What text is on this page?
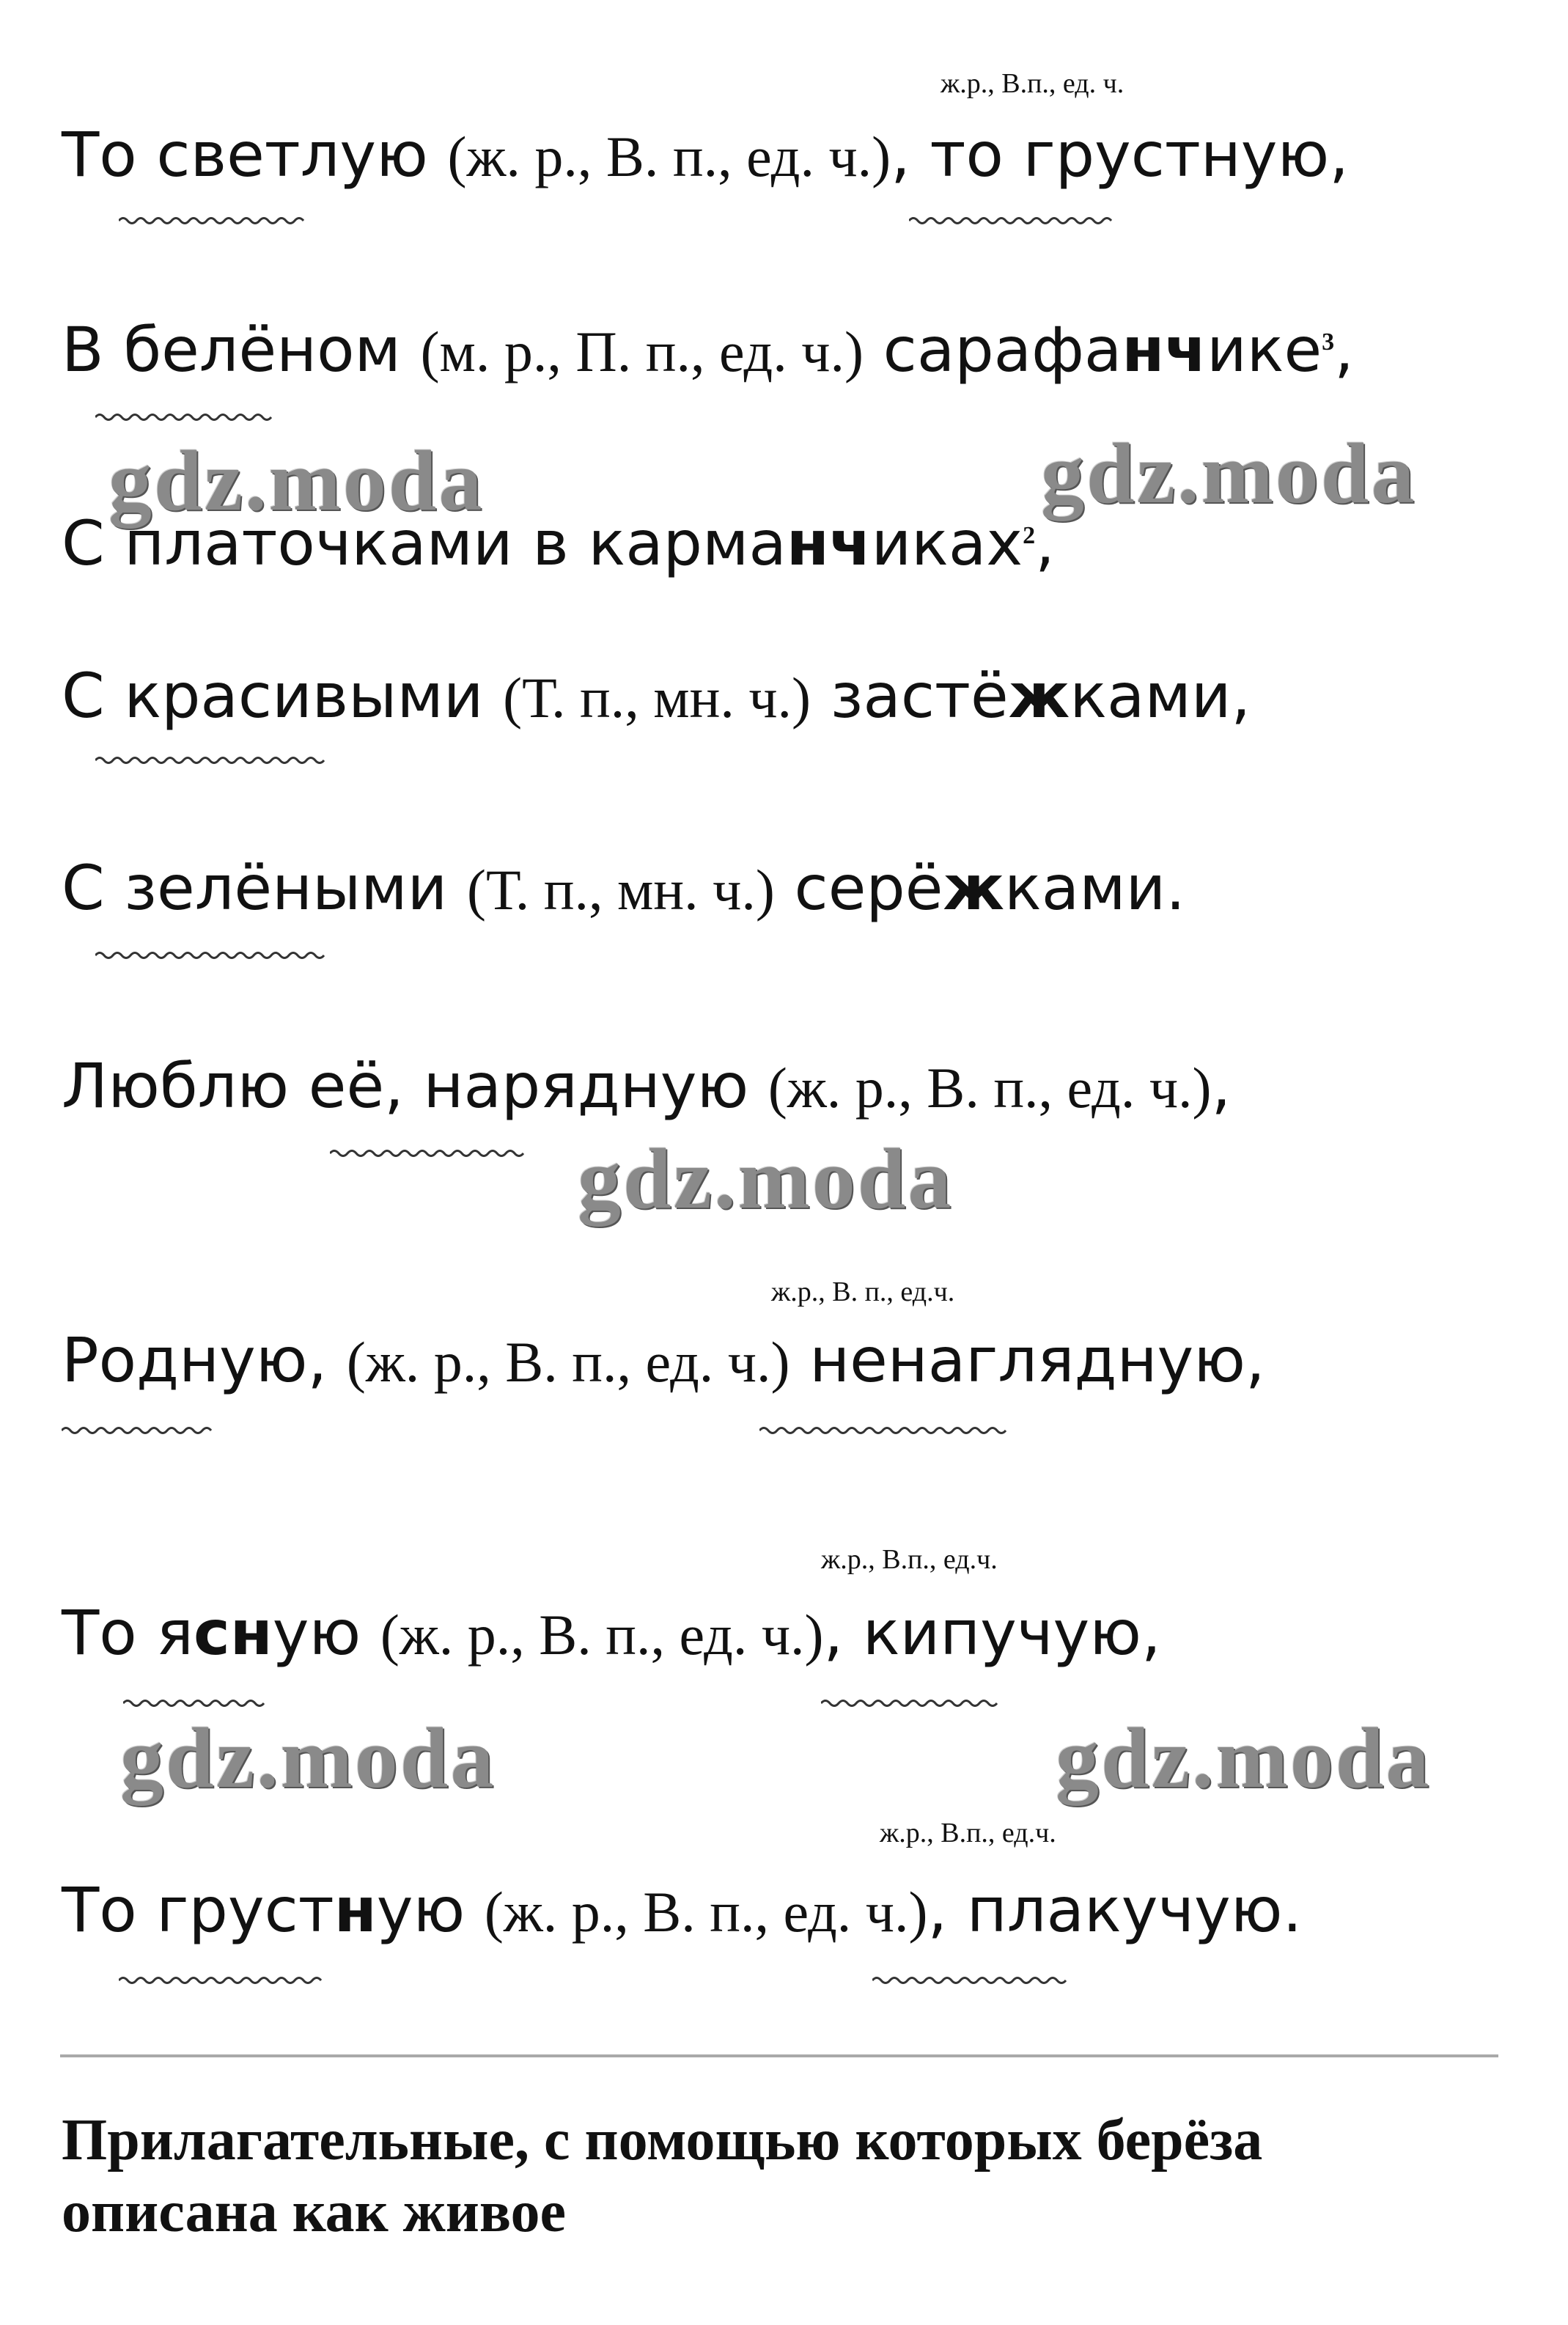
ж.р., В.п., ед. ч.
ж.р., В. п., ед.ч.
ж.р., В.п., ед.ч.
ж.р., В.п., ед.ч.
То светлую (ж. р., В. п., ед. ч.), то грустную,
В белёном (м. р., П. п., ед. ч.) сарафанчике$^3$,
gdz.moda	gdz.moda
С платочками в карманчиках$^2$,
С красивыми (Т. п., мн. ч.) застёжками,
С зелёными (Т. п., мн. ч.) серёжками.
Люблю её, нарядную (ж. р., В. п., ед. ч.),
gdz.moda
Родную, (ж. р., В. п., ед. ч.) ненаглядную,
То ясную (ж. р., В. п., ед. ч.), кипучую,
gdz.moda	gdz.moda
То грустную (ж. р., В. п., ед. ч.), плакучую.
Прилагательные, с помощью которых берёза
описана как живое
